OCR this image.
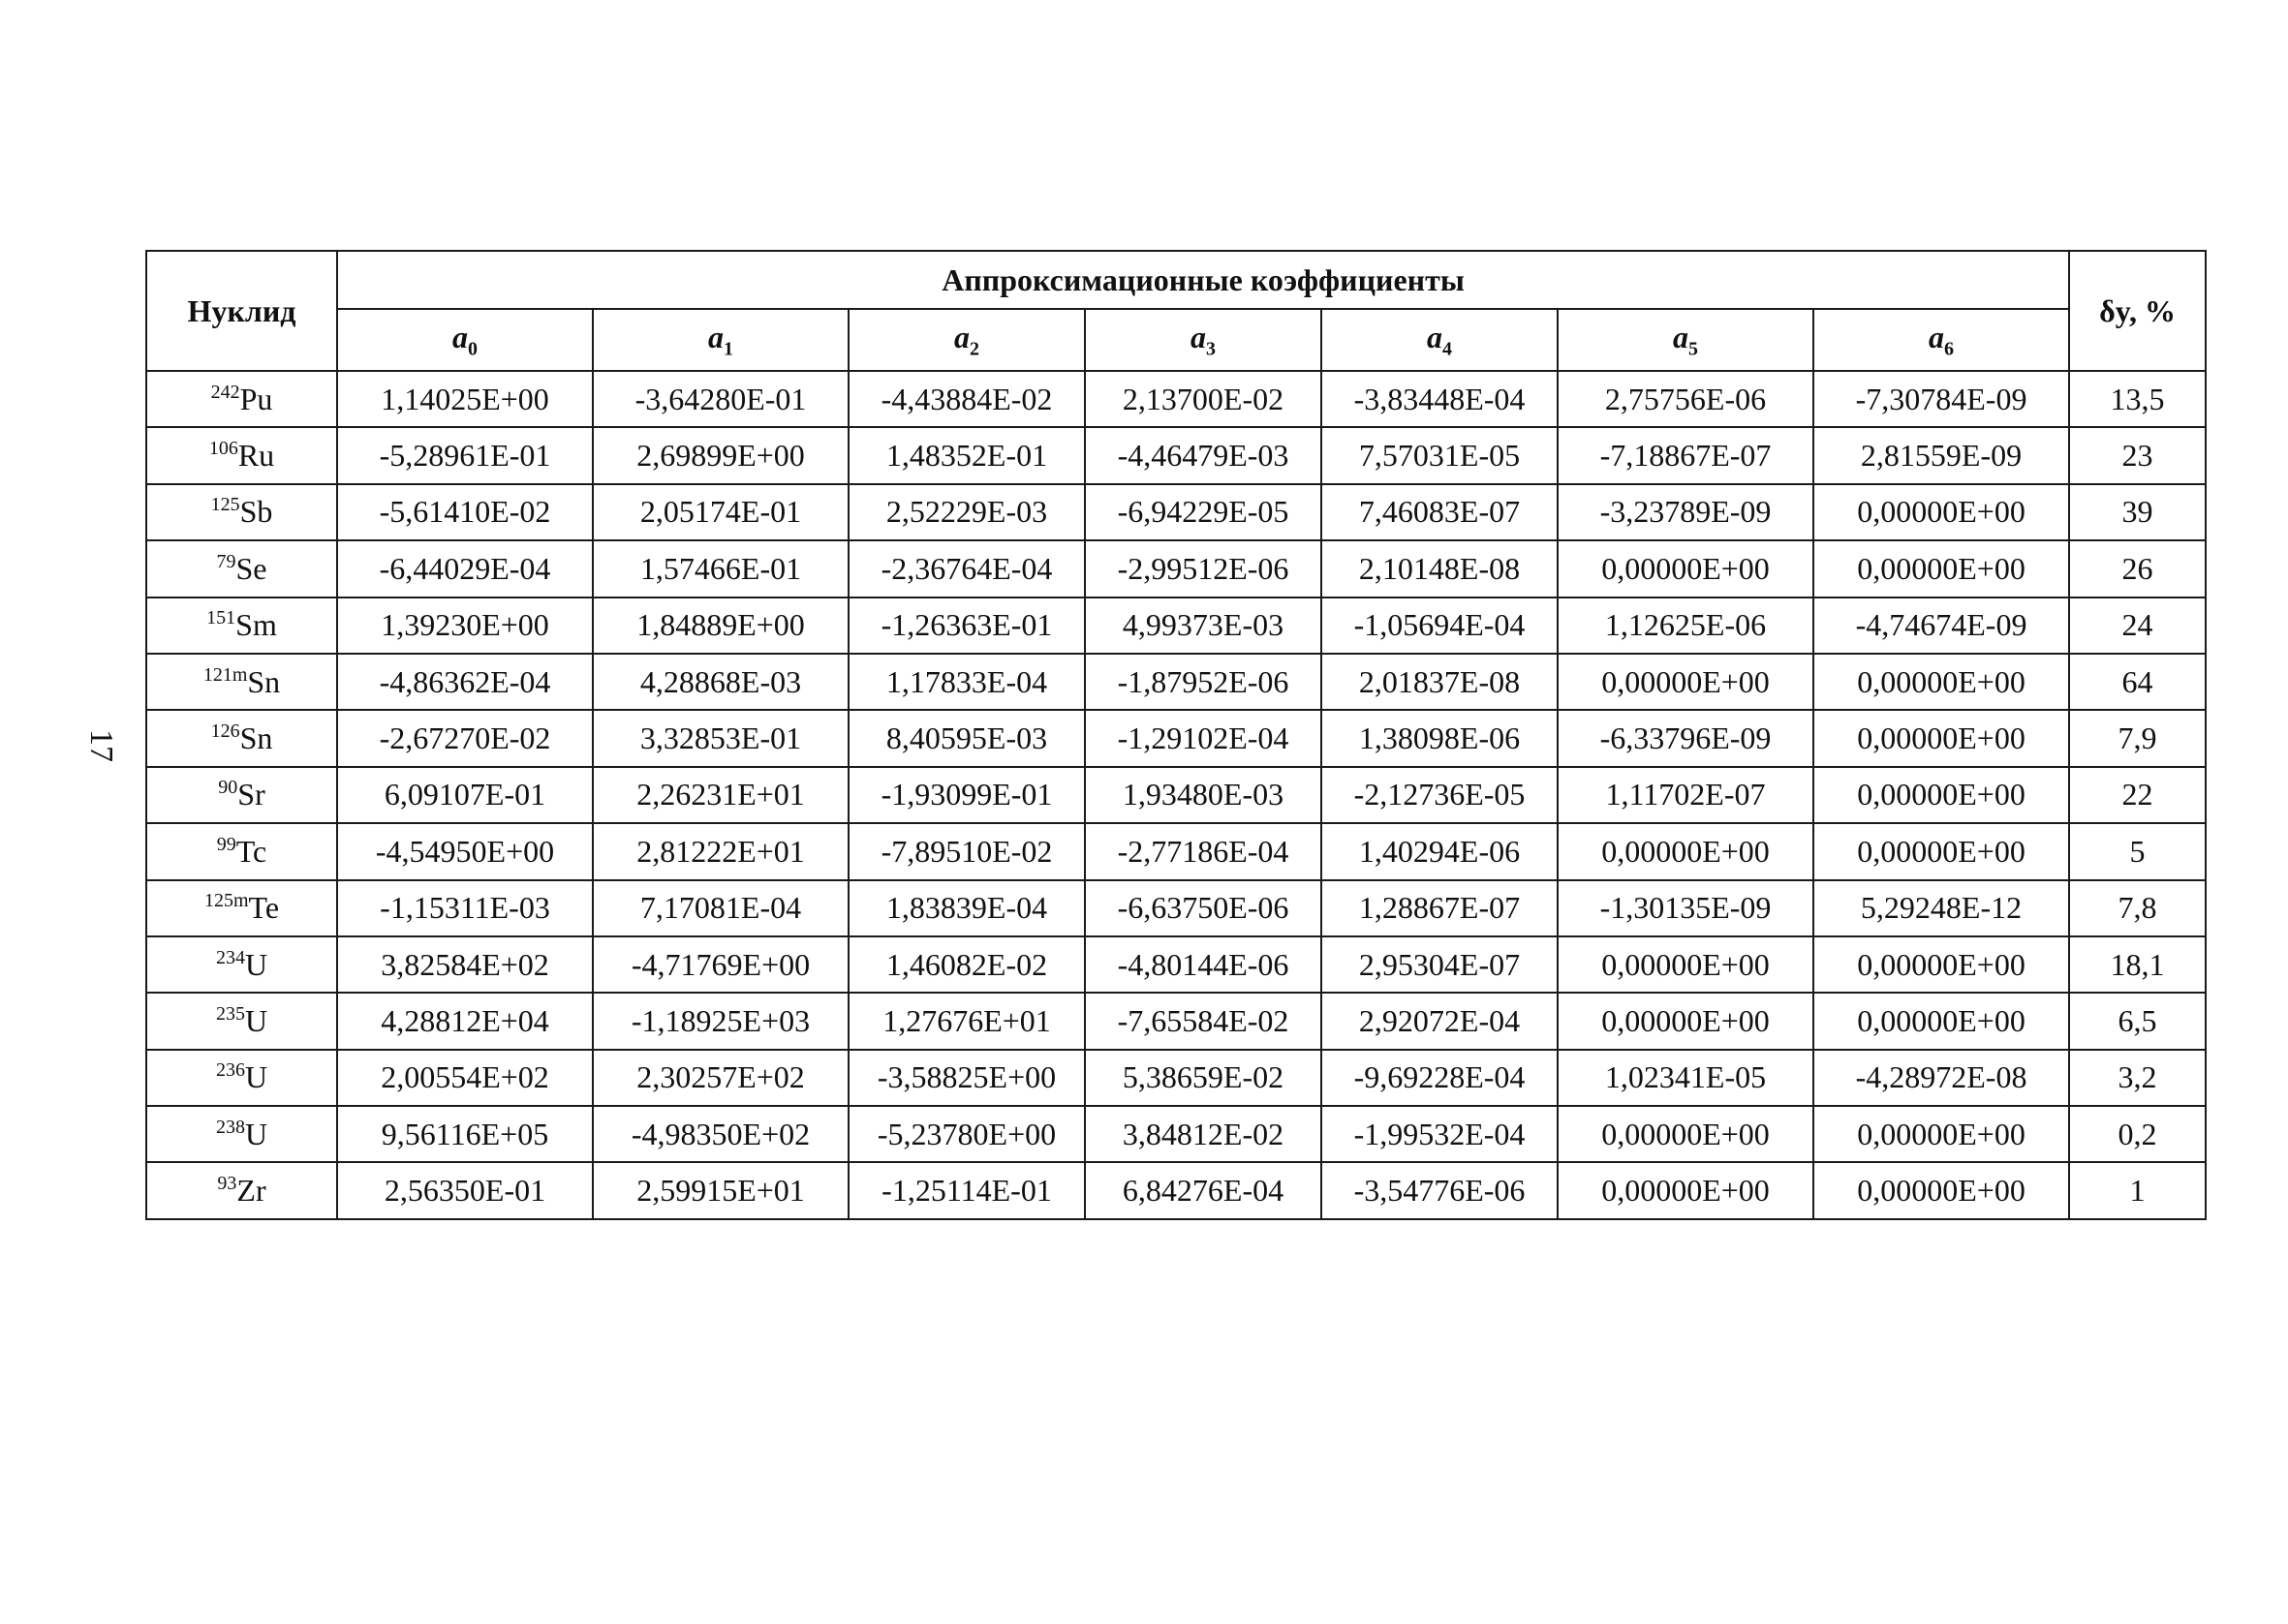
17
Нуклид	Аппроксимационные коэффициенты							δy, %
	$a_0$	$a_1$	$a_2$	$a_3$	$a_4$	$a_5$	$a_6$
$^{242}$Pu	1,14025E+00	-3,64280E-01	-4,43884E-02	2,13700E-02	-3,83448E-04	2,75756E-06	-7,30784E-09	13,5
$^{106}$Ru	-5,28961E-01	2,69899E+00	1,48352E-01	-4,46479E-03	7,57031E-05	-7,18867E-07	2,81559E-09	23
$^{125}$Sb	-5,61410E-02	2,05174E-01	2,52229E-03	-6,94229E-05	7,46083E-07	-3,23789E-09	0,00000E+00	39
$^{79}$Se	-6,44029E-04	1,57466E-01	-2,36764E-04	-2,99512E-06	2,10148E-08	0,00000E+00	0,00000E+00	26
$^{151}$Sm	1,39230E+00	1,84889E+00	-1,26363E-01	4,99373E-03	-1,05694E-04	1,12625E-06	-4,74674E-09	24
$^{121m}$Sn	-4,86362E-04	4,28868E-03	1,17833E-04	-1,87952E-06	2,01837E-08	0,00000E+00	0,00000E+00	64
$^{126}$Sn	-2,67270E-02	3,32853E-01	8,40595E-03	-1,29102E-04	1,38098E-06	-6,33796E-09	0,00000E+00	7,9
$^{90}$Sr	6,09107E-01	2,26231E+01	-1,93099E-01	1,93480E-03	-2,12736E-05	1,11702E-07	0,00000E+00	22
$^{99}$Tc	-4,54950E+00	2,81222E+01	-7,89510E-02	-2,77186E-04	1,40294E-06	0,00000E+00	0,00000E+00	5
$^{125m}$Te	-1,15311E-03	7,17081E-04	1,83839E-04	-6,63750E-06	1,28867E-07	-1,30135E-09	5,29248E-12	7,8
$^{234}$U	3,82584E+02	-4,71769E+00	1,46082E-02	-4,80144E-06	2,95304E-07	0,00000E+00	0,00000E+00	18,1
$^{235}$U	4,28812E+04	-1,18925E+03	1,27676E+01	-7,65584E-02	2,92072E-04	0,00000E+00	0,00000E+00	6,5
$^{236}$U	2,00554E+02	2,30257E+02	-3,58825E+00	5,38659E-02	-9,69228E-04	1,02341E-05	-4,28972E-08	3,2
$^{238}$U	9,56116E+05	-4,98350E+02	-5,23780E+00	3,84812E-02	-1,99532E-04	0,00000E+00	0,00000E+00	0,2
$^{93}$Zr	2,56350E-01	2,59915E+01	-1,25114E-01	6,84276E-04	-3,54776E-06	0,00000E+00	0,00000E+00	1
